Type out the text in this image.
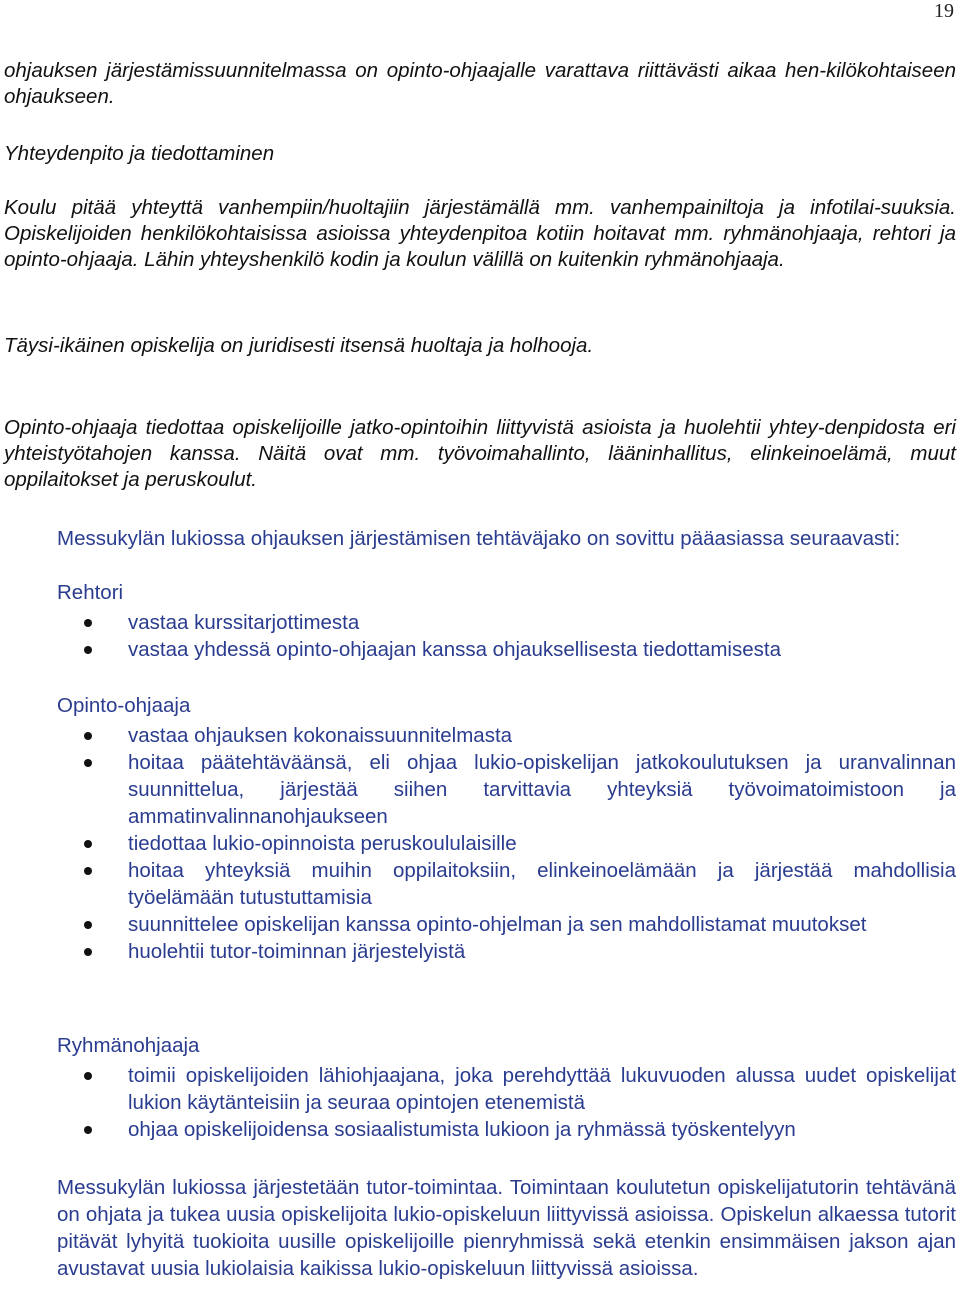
19

ohjauksen järjestämissuunnitelmassa on opinto-ohjaajalle varattava riittävästi aikaa hen-kilökohtaiseen ohjaukseen.

Yhteydenpito ja tiedottaminen

Koulu pitää yhteyttä vanhempiin/huoltajiin järjestämällä mm. vanhempainiltoja ja infotilai-suuksia. Opiskelijoiden henkilökohtaisissa asioissa yhteydenpitoa kotiin hoitavat mm. ryhmänohjaaja, rehtori ja opinto-ohjaaja. Lähin yhteyshenkilö kodin ja koulun välillä on kuitenkin ryhmänohjaaja.

Täysi-ikäinen opiskelija on juridisesti itsensä huoltaja ja holhooja.

Opinto-ohjaaja tiedottaa opiskelijoille jatko-opintoihin liittyvistä asioista ja huolehtii yhtey-denpidosta eri yhteistyötahojen kanssa. Näitä ovat mm. työvoimahallinto, lääninhallitus, elinkeinoelämä, muut oppilaitokset ja peruskoulut.

Messukylän lukiossa ohjauksen järjestämisen tehtäväjako on sovittu pääasiassa seuraavasti:

Rehtori

vastaa kurssitarjottimesta
vastaa yhdessä opinto-ohjaajan kanssa ohjauksellisesta tiedottamisesta

Opinto-ohjaaja

vastaa ohjauksen kokonaissuunnitelmasta
hoitaa päätehtäväänsä, eli ohjaa lukio-opiskelijan jatkokoulutuksen ja uranvalinnan suunnittelua, järjestää siihen tarvittavia yhteyksiä työvoimatoimistoon ja ammatinvalinnanohjaukseen
tiedottaa lukio-opinnoista peruskoululaisille
hoitaa yhteyksiä muihin oppilaitoksiin, elinkeinoelämään ja järjestää mahdollisia työelämään tutustuttamisia
suunnittelee opiskelijan kanssa opinto-ohjelman ja sen mahdollistamat muutokset
huolehtii tutor-toiminnan järjestelyistä

Ryhmänohjaaja

toimii opiskelijoiden lähiohjaajana, joka perehdyttää lukuvuoden alussa uudet opiskelijat lukion käytänteisiin ja seuraa opintojen etenemistä
ohjaa opiskelijoidensa sosiaalistumista lukioon ja ryhmässä työskentelyyn

Messukylän lukiossa järjestetään tutor-toimintaa. Toimintaan koulutetun opiskelijatutorin tehtävänä on ohjata ja tukea uusia opiskelijoita lukio-opiskeluun liittyvissä asioissa. Opiskelun alkaessa tutorit pitävät lyhyitä tuokioita uusille opiskelijoille pienryhmissä sekä etenkin ensimmäisen jakson ajan avustavat uusia lukiolaisia kaikissa lukio-opiskeluun liittyvissä asioissa.
